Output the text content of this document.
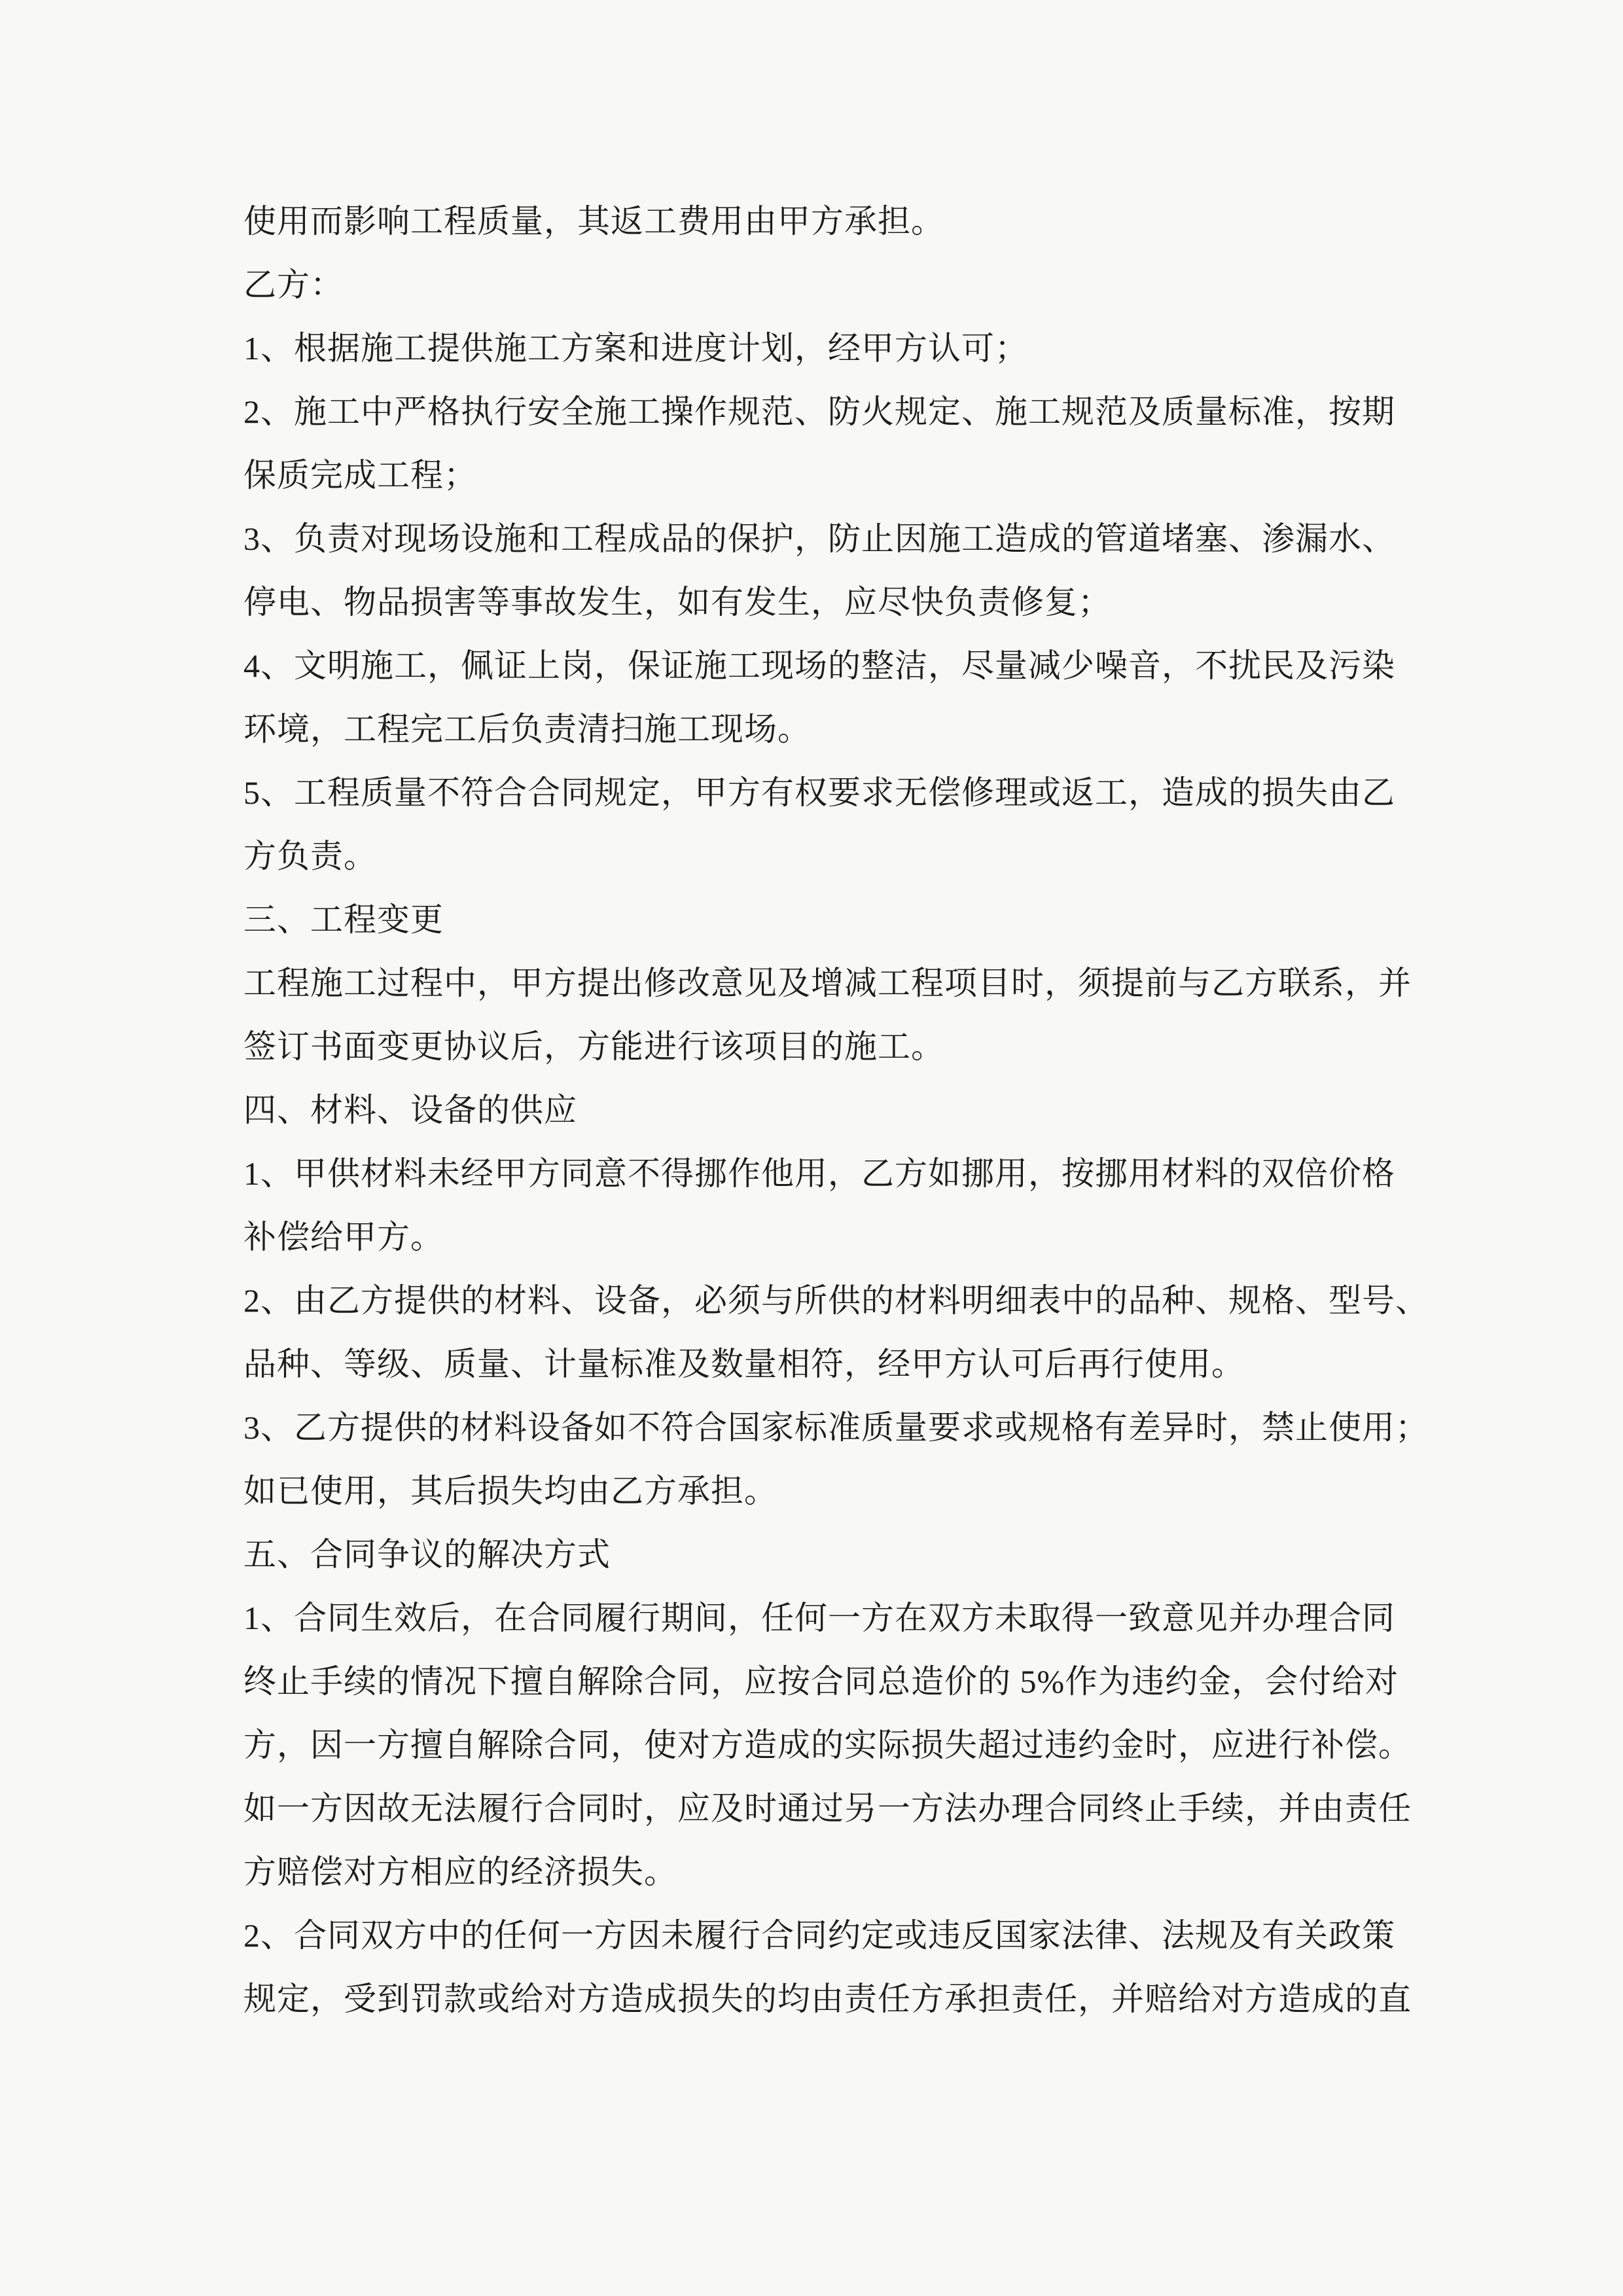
使用而影响工程质量，其返工费用由甲方承担。
乙方：
1、根据施工提供施工方案和进度计划，经甲方认可；
2、施工中严格执行安全施工操作规范、防火规定、施工规范及质量标准，按期
保质完成工程；
3、负责对现场设施和工程成品的保护，防止因施工造成的管道堵塞、渗漏水、
停电、物品损害等事故发生，如有发生，应尽快负责修复；
4、文明施工，佩证上岗，保证施工现场的整洁，尽量减少噪音，不扰民及污染
环境，工程完工后负责清扫施工现场。
5、工程质量不符合合同规定，甲方有权要求无偿修理或返工，造成的损失由乙
方负责。
三、工程变更
工程施工过程中，甲方提出修改意见及增减工程项目时，须提前与乙方联系，并
签订书面变更协议后，方能进行该项目的施工。
四、材料、设备的供应
1、甲供材料未经甲方同意不得挪作他用，乙方如挪用，按挪用材料的双倍价格
补偿给甲方。
2、由乙方提供的材料、设备，必须与所供的材料明细表中的品种、规格、型号、
品种、等级、质量、计量标准及数量相符，经甲方认可后再行使用。
3、乙方提供的材料设备如不符合国家标准质量要求或规格有差异时，禁止使用；
如已使用，其后损失均由乙方承担。
五、合同争议的解决方式
1、合同生效后，在合同履行期间，任何一方在双方未取得一致意见并办理合同
终止手续的情况下擅自解除合同，应按合同总造价的 5%作为违约金，会付给对
方，因一方擅自解除合同，使对方造成的实际损失超过违约金时，应进行补偿。
如一方因故无法履行合同时，应及时通过另一方法办理合同终止手续，并由责任
方赔偿对方相应的经济损失。
2、合同双方中的任何一方因未履行合同约定或违反国家法律、法规及有关政策
规定，受到罚款或给对方造成损失的均由责任方承担责任，并赔给对方造成的直
